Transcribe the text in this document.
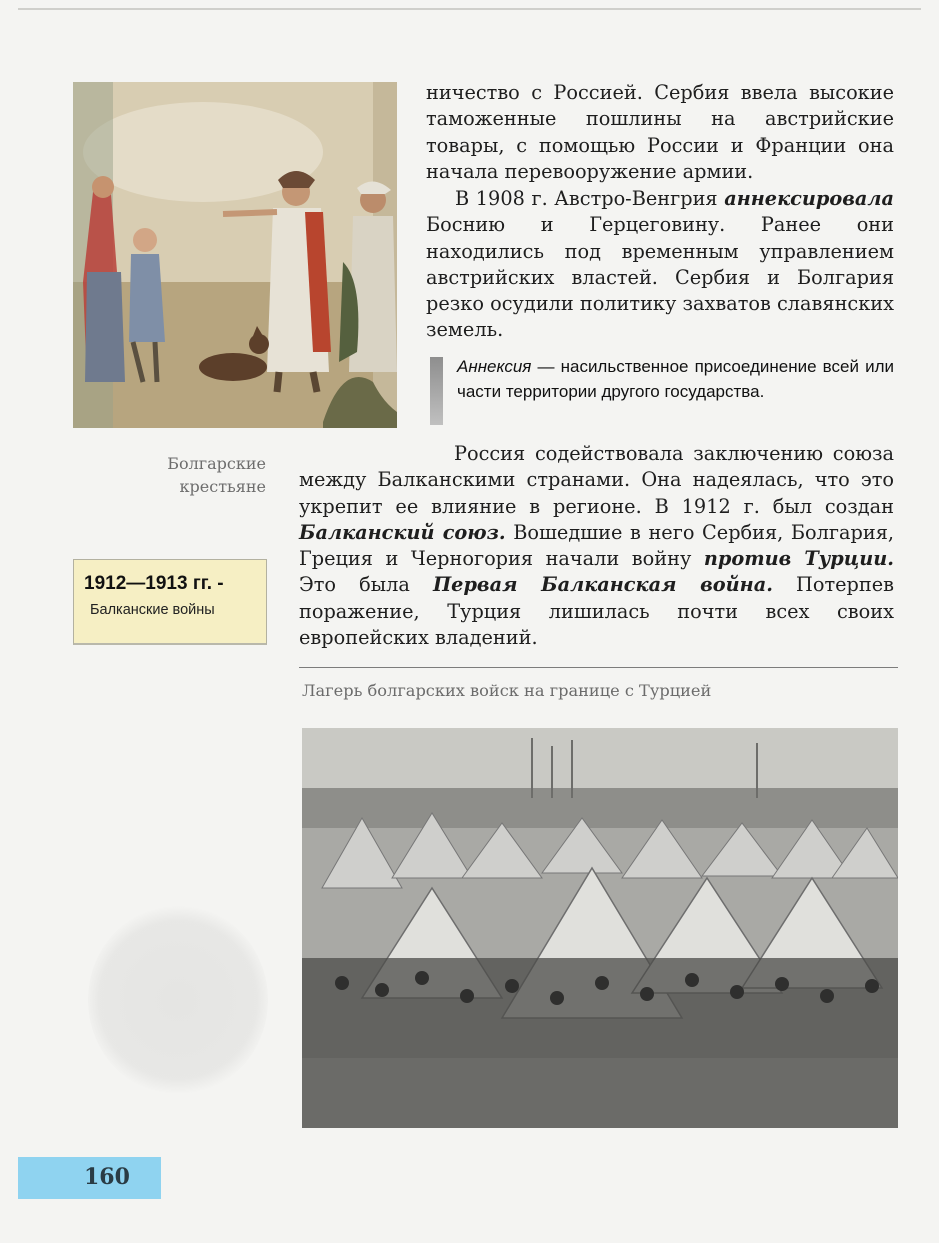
Болгарские крестьяне
1912—1913 гг. -
Балканские войны

ничество с Россией. Сербия ввела высокие таможенные пошлины на австрийские товары, с помощью России и Франции она начала перевооружение армии.

В 1908 г. Австро-Венгрия аннексировала Боснию и Герцеговину. Ранее они находились под временным управлением австрийских властей. Сербия и Болгария резко осудили политику захватов славянских земель.

Аннексия — насильственное присоединение всей или части территории другого государства.

Россия содействовала заключению союза между Балканскими странами. Она надеялась, что это укрепит ее влияние в регионе. В 1912 г. был создан Балканский союз. Вошедшие в него Сербия, Болгария, Греция и Черногория начали войну против Турции. Это была Первая Балканская война. Потерпев поражение, Турция лишилась почти всех своих европейских владений.

Лагерь болгарских войск на границе с Турцией
160
